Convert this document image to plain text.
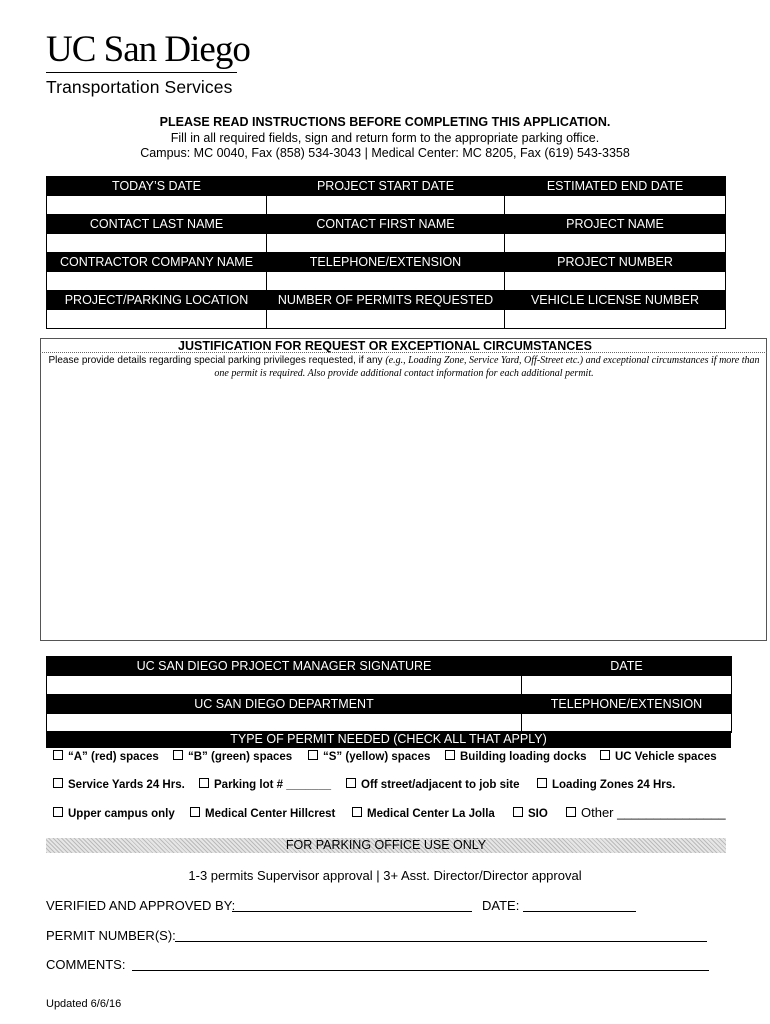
UC San Diego
Transportation Services
PLEASE READ INSTRUCTIONS BEFORE COMPLETING THIS APPLICATION.
Fill in all required fields, sign and return form to the appropriate parking office.
Campus: MC 0040, Fax (858) 534-3043 | Medical Center: MC 8205, Fax (619) 543-3358
TODAY’S DATE	PROJECT START DATE	ESTIMATED END DATE

CONTACT LAST NAME	CONTACT FIRST NAME	PROJECT NAME

CONTRACTOR COMPANY NAME	TELEPHONE/EXTENSION	PROJECT NUMBER

PROJECT/PARKING LOCATION	NUMBER OF PERMITS REQUESTED	VEHICLE LICENSE NUMBER

JUSTIFICATION FOR REQUEST OR EXCEPTIONAL CIRCUMSTANCES
Please provide details regarding special parking privileges requested, if any (e.g., Loading Zone, Service Yard, Off-Street etc.) and exceptional circumstances if more than one permit is required. Also provide additional contact information for each additional permit.
UC SAN DIEGO PRJOECT MANAGER SIGNATURE	DATE

UC SAN DIEGO DEPARTMENT	TELEPHONE/EXTENSION

TYPE OF PERMIT NEEDED (CHECK ALL THAT APPLY)
“A” (red) spaces	“B” (green) spaces	“S” (yellow) spaces	Building loading docks	UC Vehicle spaces
Service Yards 24 Hrs.	Parking lot # _______	Off street/adjacent to job site	Loading Zones 24 Hrs.
Upper campus only	Medical Center Hillcrest	Medical Center La Jolla	SIO	Other _______________
FOR PARKING OFFICE USE ONLY
1-3 permits Supervisor approval | 3+ Asst. Director/Director approval
VERIFIED AND APPROVED BY:	DATE:
PERMIT NUMBER(S):
COMMENTS:
Updated 6/6/16
